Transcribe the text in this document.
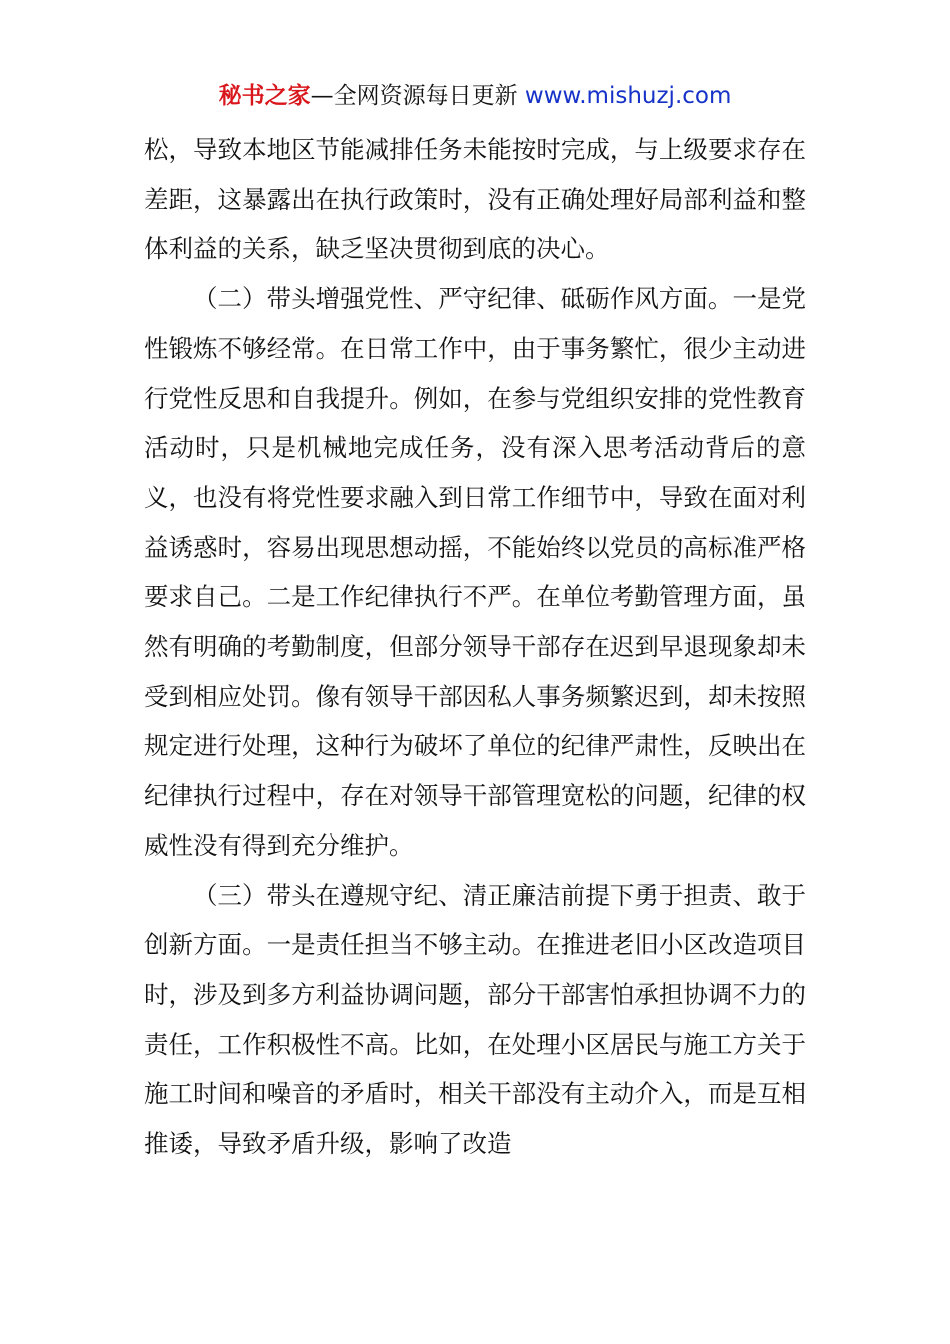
秘书之家—全网资源每日更新 www.mishuzj.com

松，导致本地区节能减排任务未能按时完成，与上级要求存在差距，这暴露出在执行政策时，没有正确处理好局部利益和整体利益的关系，缺乏坚决贯彻到底的决心。

（二）带头增强党性、严守纪律、砥砺作风方面。一是党性锻炼不够经常。在日常工作中，由于事务繁忙，很少主动进行党性反思和自我提升。例如，在参与党组织安排的党性教育活动时，只是机械地完成任务，没有深入思考活动背后的意义，也没有将党性要求融入到日常工作细节中，导致在面对利益诱惑时，容易出现思想动摇，不能始终以党员的高标准严格要求自己。二是工作纪律执行不严。在单位考勤管理方面，虽然有明确的考勤制度，但部分领导干部存在迟到早退现象却未受到相应处罚。像有领导干部因私人事务频繁迟到，却未按照规定进行处理，这种行为破坏了单位的纪律严肃性，反映出在纪律执行过程中，存在对领导干部管理宽松的问题，纪律的权威性没有得到充分维护。

（三）带头在遵规守纪、清正廉洁前提下勇于担责、敢于创新方面。一是责任担当不够主动。在推进老旧小区改造项目时，涉及到多方利益协调问题，部分干部害怕承担协调不力的责任，工作积极性不高。比如，在处理小区居民与施工方关于施工时间和噪音的矛盾时，相关干部没有主动介入，而是互相推诿，导致矛盾升级，影响了改造
